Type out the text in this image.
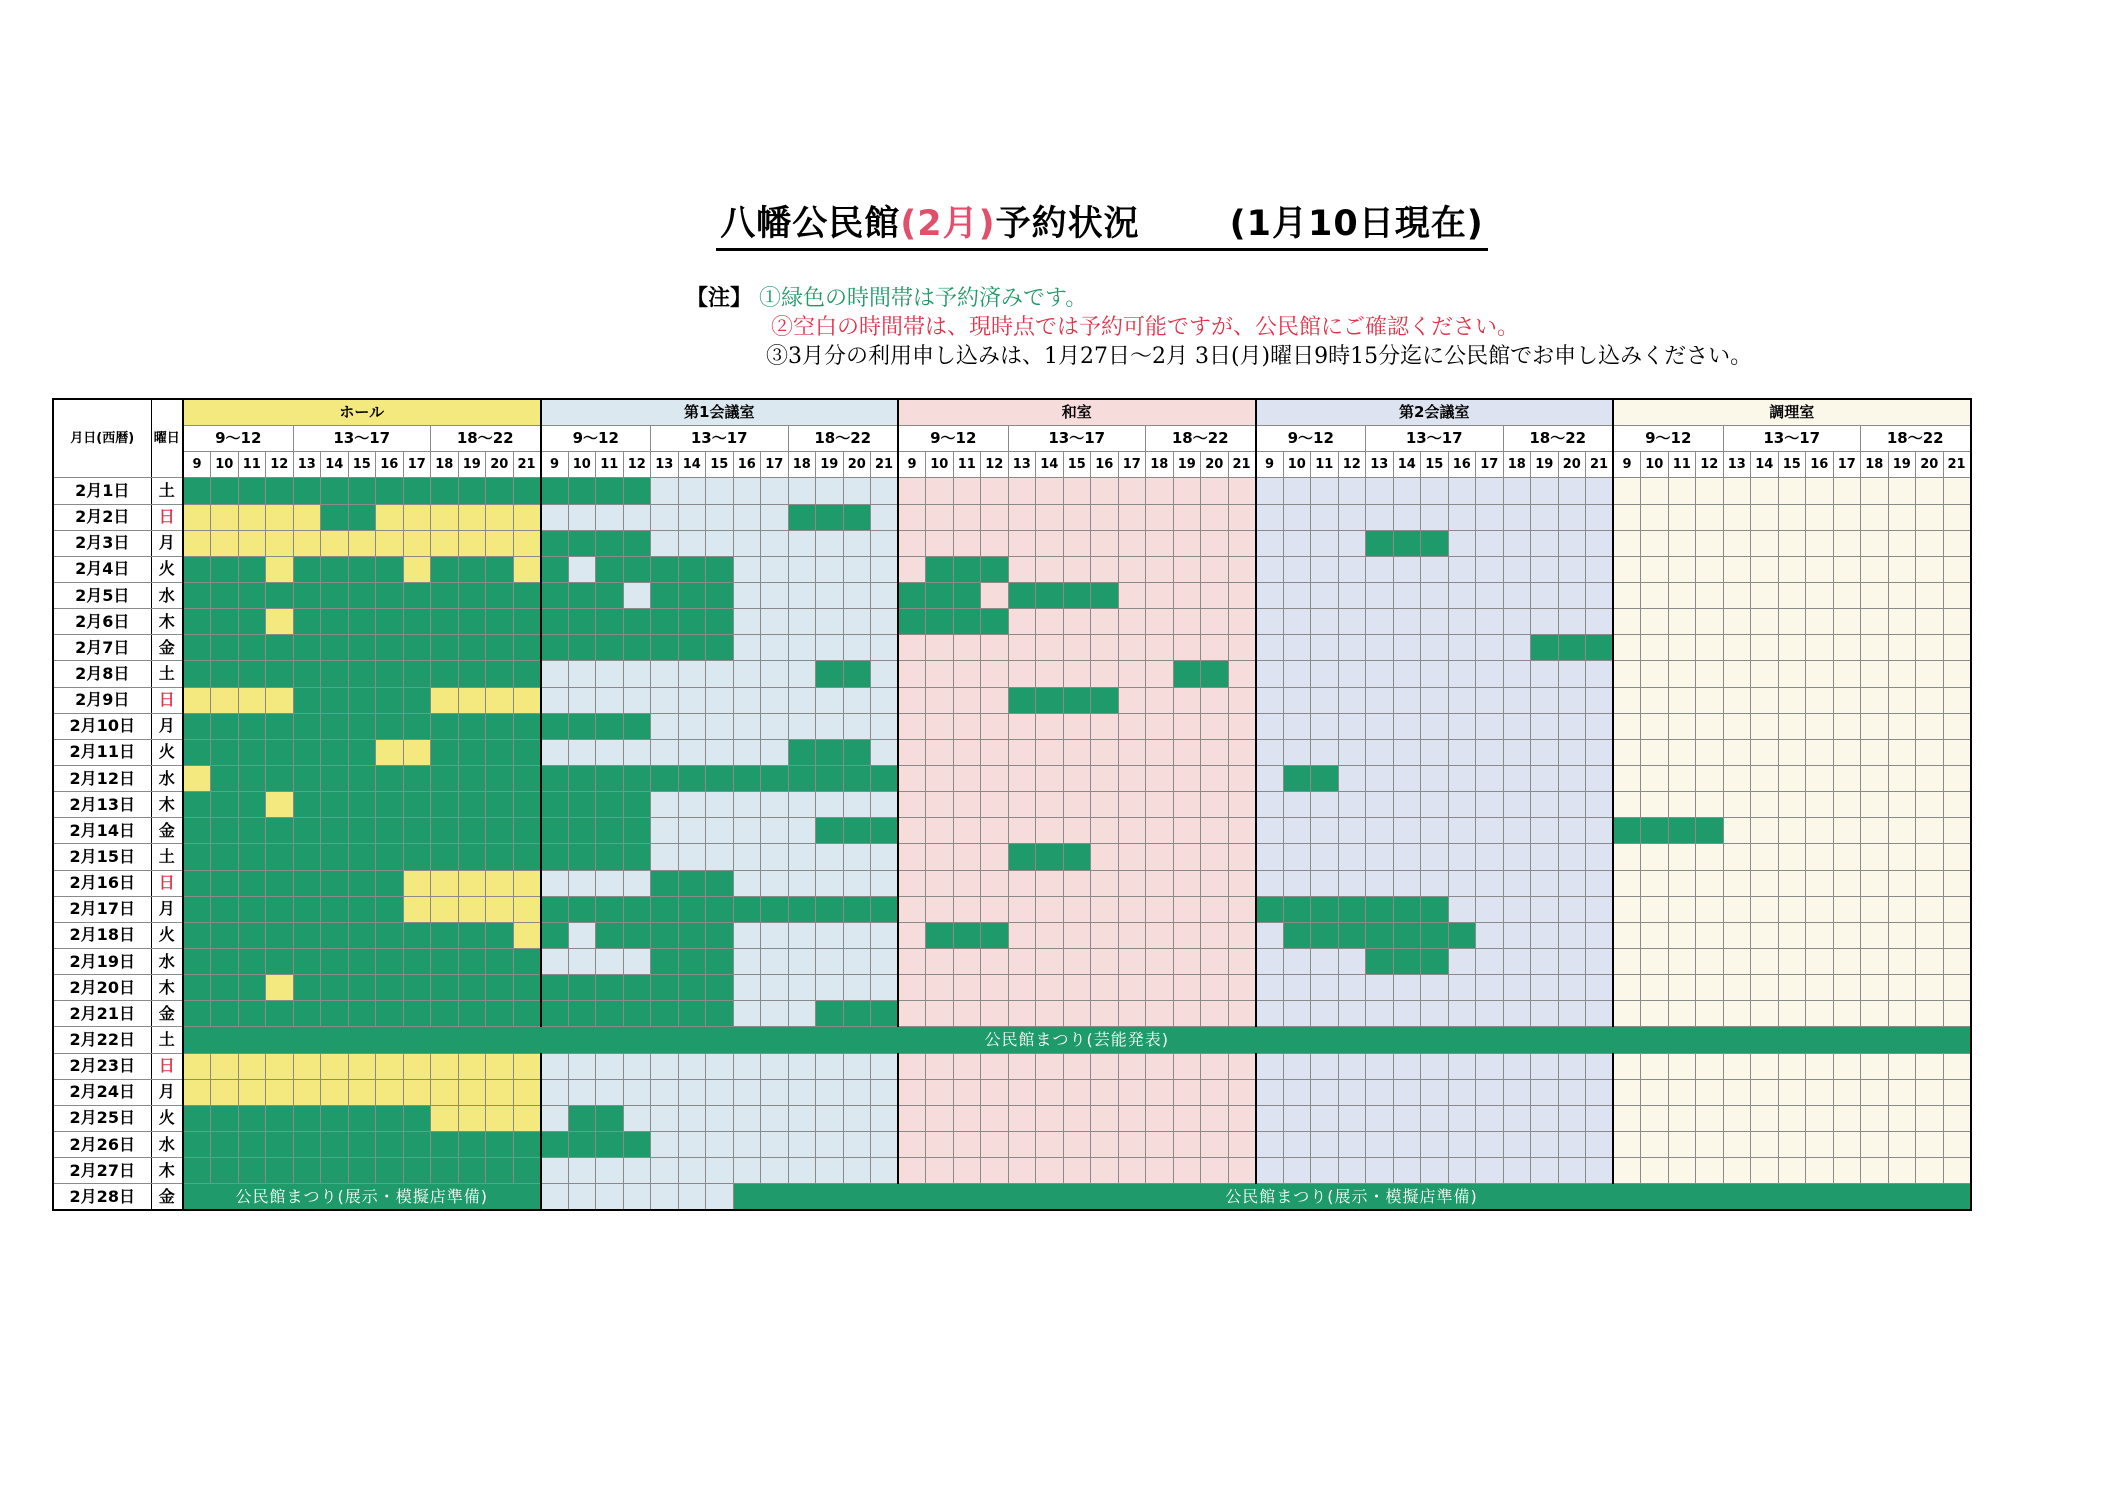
八幡公民館(2月)予約状況	(1月10日現在)
【注】 ①緑色の時間帯は予約済みです。
②空白の時間帯は、現時点では予約可能ですが、公民館にご確認ください。
③3月分の利用申し込みは、1月27日～2月 3日(月)曜日9時15分迄に公民館でお申し込みください。
月日(西暦)	曜日	ホール	第1会議室	和室	第2会議室	調理室
9～12	13～17	18～22	9～12	13～17	18～22	9～12	13～17	18～22	9～12	13～17	18～22	9～12	13～17	18～22
9	10	11	12	13	14	15	16	17	18	19	20	21	9	10	11	12	13	14	15	16	17	18	19	20	21	9	10	11	12	13	14	15	16	17	18	19	20	21	9	10	11	12	13	14	15	16	17	18	19	20	21	9	10	11	12	13	14	15	16	17	18	19	20	21
2月1日	土																																																																	
2月2日	日																																																																	
2月3日	月																																																																	
2月4日	火																																																																	
2月5日	水																																																																	
2月6日	木																																																																	
2月7日	金																																																																	
2月8日	土																																																																	
2月9日	日																																																																	
2月10日	月																																																																	
2月11日	火																																																																	
2月12日	水																																																																	
2月13日	木																																																																	
2月14日	金																																																																	
2月15日	土																																																																	
2月16日	日																																																																	
2月17日	月																																																																	
2月18日	火																																																																	
2月19日	水																																																																	
2月20日	木																																																																	
2月21日	金																																																																	
2月22日	土	公民館まつり(芸能発表)
2月23日	日																																																																	
2月24日	月																																																																	
2月25日	火																																																																	
2月26日	水																																																																	
2月27日	木																																																																	
2月28日	金	公民館まつり(展示・模擬店準備)								公民館まつり(展示・模擬店準備)
